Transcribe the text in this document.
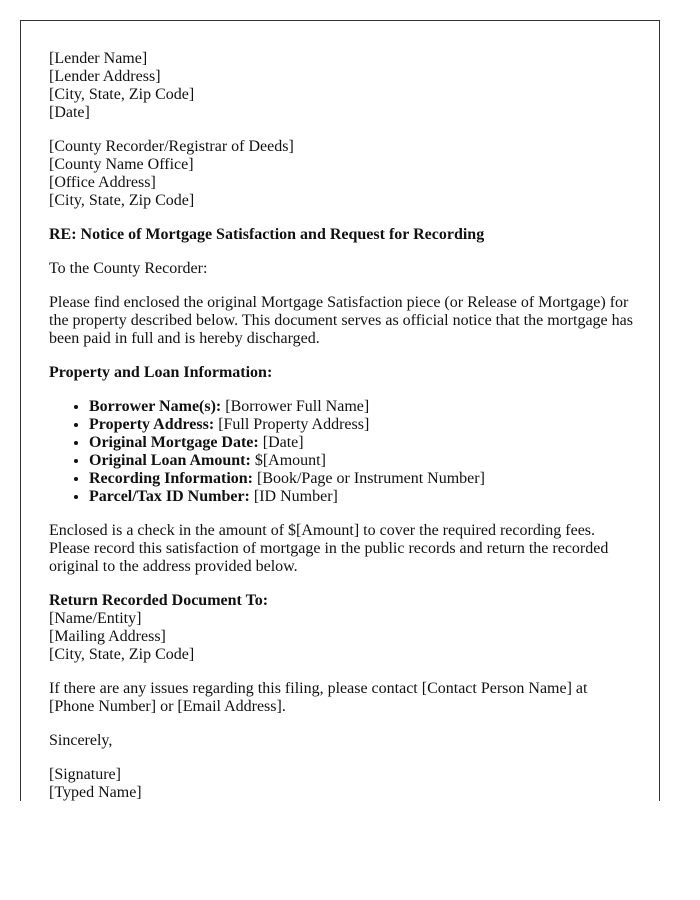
[Lender Name]
[Lender Address]
[City, State, Zip Code]
[Date]
[County Recorder/Registrar of Deeds]
[County Name Office]
[Office Address]
[City, State, Zip Code]

RE: Notice of Mortgage Satisfaction and Request for Recording

To the County Recorder:

Please find enclosed the original Mortgage Satisfaction piece (or Release of Mortgage) for
the property described below. This document serves as official notice that the mortgage has
been paid in full and is hereby discharged.

Property and Loan Information:

• Borrower Name(s): [Borrower Full Name]
• Property Address: [Full Property Address]
• Original Mortgage Date: [Date]
• Original Loan Amount: $[Amount]
• Recording Information: [Book/Page or Instrument Number]
• Parcel/Tax ID Number: [ID Number]
Enclosed is a check in the amount of $[Amount] to cover the required recording fees.
Please record this satisfaction of mortgage in the public records and return the recorded
original to the address provided below.
Return Recorded Document To:
[Name/Entity]
[Mailing Address]
[City, State, Zip Code]
If there are any issues regarding this filing, please contact [Contact Person Name] at
[Phone Number] or [Email Address].

Sincerely,

[Signature]
[Typed Name]
